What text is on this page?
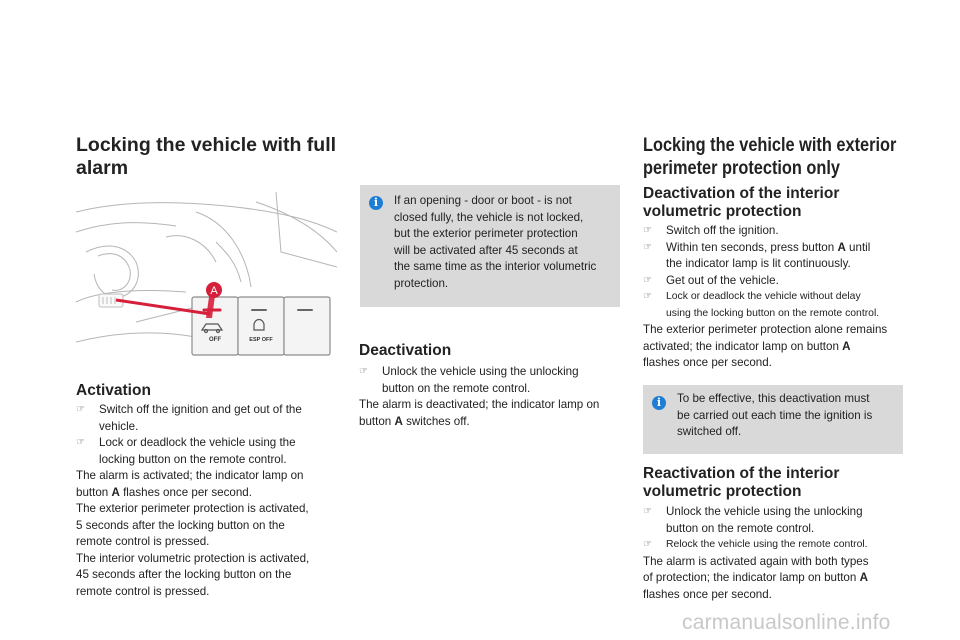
Locking the vehicle with full
alarm
A
OFF	ESP OFF
Activation
☞ Switch off the ignition and get out of the
vehicle.
☞ Lock or deadlock the vehicle using the
locking button on the remote control.
The alarm is activated; the indicator lamp on
button A flashes once per second.
The exterior perimeter protection is activated,
5 seconds after the locking button on the
remote control is pressed.
The interior volumetric protection is activated,
45 seconds after the locking button on the
remote control is pressed.
i	If an opening - door or boot - is not
closed fully, the vehicle is not locked,
but the exterior perimeter protection
will be activated after 45 seconds at
the same time as the interior volumetric
protection.
Deactivation
☞ Unlock the vehicle using the unlocking
button on the remote control.
The alarm is deactivated; the indicator lamp on
button A switches off.
Locking the vehicle with exterior
perimeter protection only
Deactivation of the interior
volumetric protection
☞ Switch off the ignition.
☞ Within ten seconds, press button A until
the indicator lamp is lit continuously.
☞ Get out of the vehicle.
☞ Lock or deadlock the vehicle without delay
using the locking button on the remote control.
The exterior perimeter protection alone remains
activated; the indicator lamp on button A
flashes once per second.
i	To be effective, this deactivation must
be carried out each time the ignition is
switched off.
Reactivation of the interior
volumetric protection
☞ Unlock the vehicle using the unlocking
button on the remote control.
☞ Relock the vehicle using the remote control.
The alarm is activated again with both types
of protection; the indicator lamp on button A
flashes once per second.
carmanualsonline.info
